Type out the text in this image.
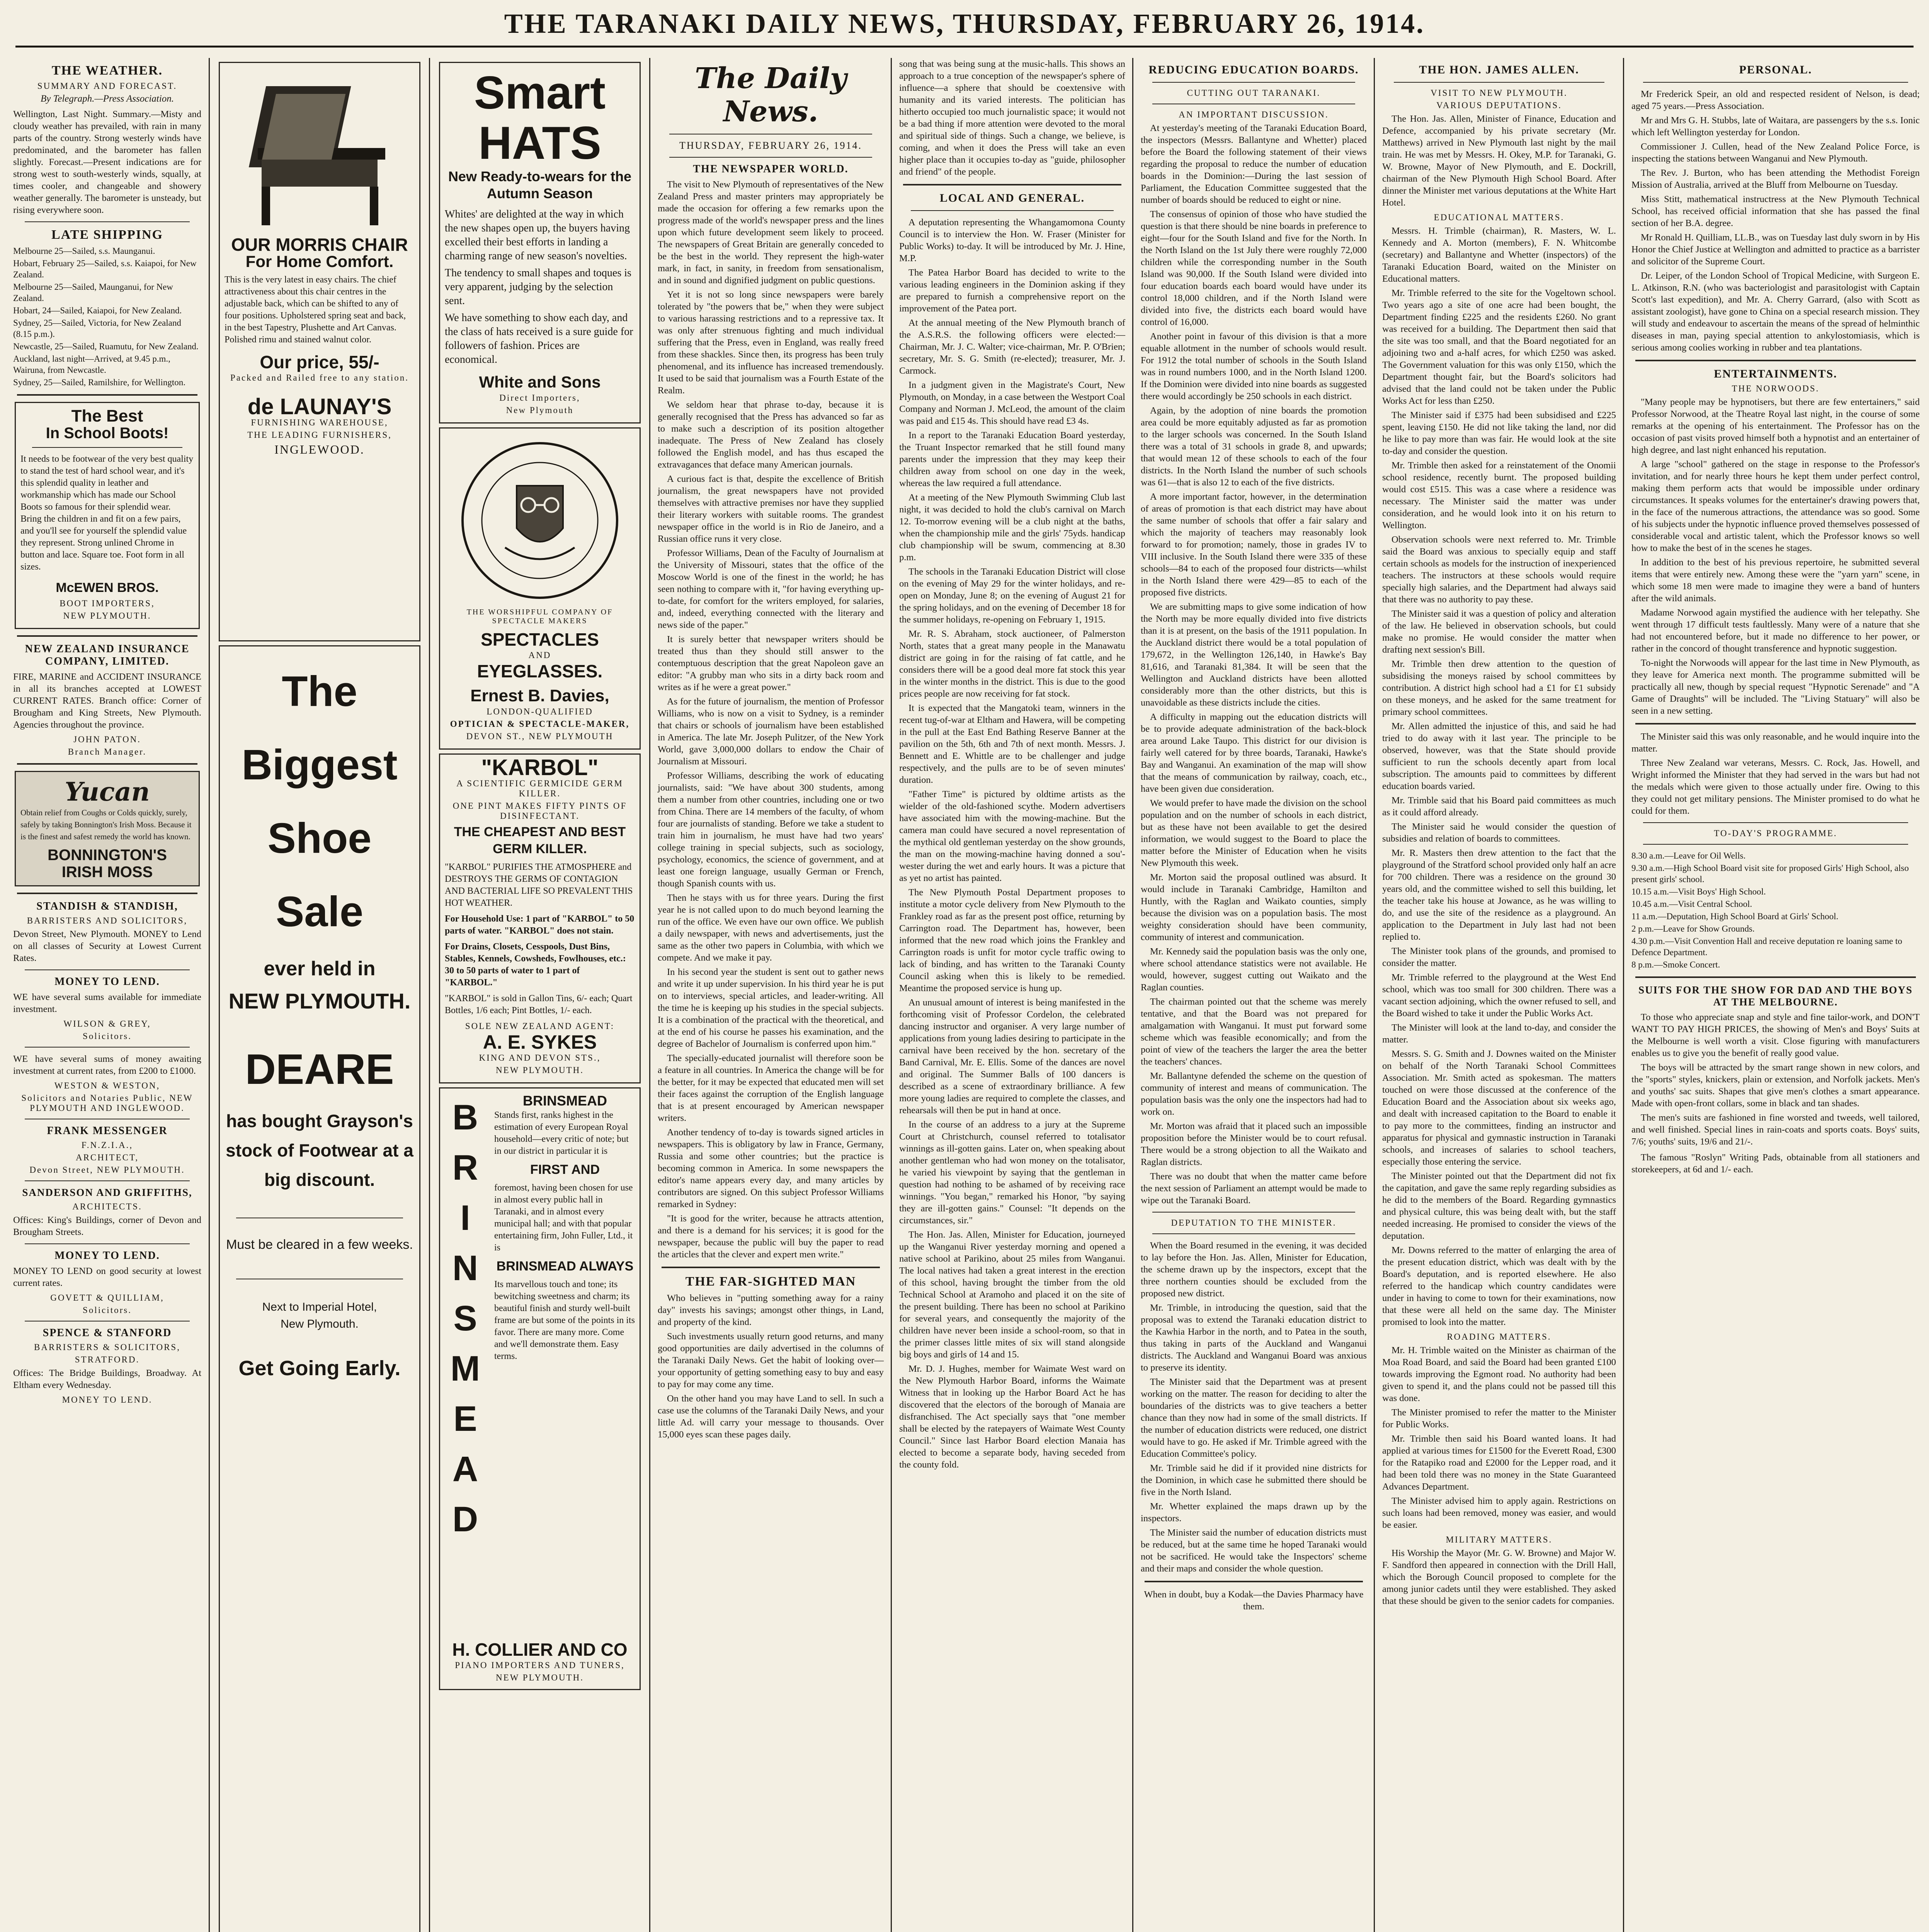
THE TARANAKI DAILY NEWS, THURSDAY, FEBRUARY 26, 1914.
THE WEATHER.
SUMMARY AND FORECAST.
By Telegraph.—Press Association.
Wellington, Last Night. Summary.—Misty and cloudy weather has prevailed, with rain in many parts of the country. Strong westerly winds have predominated, and the barometer has fallen slightly. Forecast.—Present indications are for strong west to south-westerly winds, squally, at times cooler, and changeable and showery weather generally. The barometer is unsteady, but rising everywhere soon.
LATE SHIPPING
Melbourne 25—Sailed, s.s. Maunganui.
Hobart, February 25—Sailed, s.s. Kaiapoi, for New Zealand.
Melbourne 25—Sailed, Maunganui, for New Zealand.
Hobart, 24—Sailed, Kaiapoi, for New Zealand.
Sydney, 25—Sailed, Victoria, for New Zealand (8.15 p.m.).
Newcastle, 25—Sailed, Ruamutu, for New Zealand.
Auckland, last night—Arrived, at 9.45 p.m., Wairuna, from Newcastle.
Sydney, 25—Sailed, Ramilshire, for Wellington.
The Best
In School Boots!
It needs to be footwear of the very best quality to stand the test of hard school wear, and it's this splendid quality in leather and workmanship which has made our School Boots so famous for their splendid wear. Bring the children in and fit on a few pairs, and you'll see for yourself the splendid value they represent. Strong unlined Chrome in button and lace. Square toe. Foot form in all sizes.
McEWEN BROS.
BOOT IMPORTERS,
NEW PLYMOUTH.
NEW ZEALAND INSURANCE COMPANY, LIMITED.
FIRE, MARINE and ACCIDENT INSURANCE in all its branches accepted at LOWEST CURRENT RATES. Branch office: Corner of Brougham and King Streets, New Plymouth. Agencies throughout the province.
JOHN PATON.
Branch Manager.
Yucan
Obtain relief from Coughs or Colds quickly, surely, safely by taking Bonnington's Irish Moss. Because it is the finest and safest remedy the world has known.
BONNINGTON'S
IRISH MOSS
STANDISH & STANDISH,
BARRISTERS AND SOLICITORS,
Devon Street, New Plymouth. MONEY to Lend on all classes of Security at Lowest Current Rates.
MONEY TO LEND.
WE have several sums available for immediate investment.
WILSON & GREY,
Solicitors.
WE have several sums of money awaiting investment at current rates, from £200 to £1000.
WESTON & WESTON,
Solicitors and Notaries Public, NEW PLYMOUTH AND INGLEWOOD.
FRANK MESSENGER
F.N.Z.I.A.,
ARCHITECT,
Devon Street, NEW PLYMOUTH.
SANDERSON AND GRIFFITHS,
ARCHITECTS.
Offices: King's Buildings, corner of Devon and Brougham Streets.
MONEY TO LEND.
MONEY TO LEND on good security at lowest current rates.
GOVETT & QUILLIAM,
Solicitors.
SPENCE & STANFORD
BARRISTERS & SOLICITORS,
STRATFORD.
Offices: The Bridge Buildings, Broadway. At Eltham every Wednesday.
MONEY TO LEND.
OUR MORRIS CHAIR
For Home Comfort.
This is the very latest in easy chairs. The chief attractiveness about this chair centres in the adjustable back, which can be shifted to any of four positions. Upholstered spring seat and back, in the best Tapestry, Plushette and Art Canvas. Polished rimu and stained walnut color.
Our price, 55/-
Packed and Railed free to any station.
de LAUNAY'S
FURNISHING WAREHOUSE,
THE LEADING FURNISHERS,
INGLEWOOD.
The
Biggest
Shoe
Sale
ever held in
NEW PLYMOUTH.
DEARE
has bought Grayson's stock of Footwear at a big discount.
Must be cleared in a few weeks.
Next to Imperial Hotel,
New Plymouth.
Get Going Early.
Smart
HATS
New Ready-to-wears for the Autumn Season
Whites' are delighted at the way in which the new shapes open up, the buyers having excelled their best efforts in landing a charming range of new season's novelties.
The tendency to small shapes and toques is very apparent, judging by the selection sent.
We have something to show each day, and the class of hats received is a sure guide for followers of fashion. Prices are economical.
White and Sons
Direct Importers,
New Plymouth
THE WORSHIPFUL COMPANY OF SPECTACLE MAKERS
SPECTACLES
AND
EYEGLASSES.
Ernest B. Davies,
LONDON-QUALIFIED
OPTICIAN & SPECTACLE-MAKER,
DEVON ST., NEW PLYMOUTH
"KARBOL"
A SCIENTIFIC GERMICIDE GERM KILLER.
ONE PINT MAKES FIFTY PINTS OF DISINFECTANT.
THE CHEAPEST AND BEST GERM KILLER.
"KARBOL" PURIFIES THE ATMOSPHERE and DESTROYS THE GERMS OF CONTAGION AND BACTERIAL LIFE SO PREVALENT THIS HOT WEATHER.
For Household Use: 1 part of "KARBOL" to 50 parts of water. "KARBOL" does not stain.
For Drains, Closets, Cesspools, Dust Bins, Stables, Kennels, Cowsheds, Fowlhouses, etc.: 30 to 50 parts of water to 1 part of "KARBOL."
"KARBOL" is sold in Gallon Tins, 6/- each; Quart Bottles, 1/6 each; Pint Bottles, 1/- each.
SOLE NEW ZEALAND AGENT:
A. E. SYKES
KING AND DEVON STS.,
NEW PLYMOUTH.
B
R
I
N
S
M
E
A
D
BRINSMEAD
Stands first, ranks highest in the estimation of every European Royal household—every critic of note; but in our district in particular it is
FIRST AND
foremost, having been chosen for use in almost every public hall in Taranaki, and in almost every municipal hall; and with that popular entertaining firm, John Fuller, Ltd., it is
BRINSMEAD ALWAYS
Its marvellous touch and tone; its bewitching sweetness and charm; its beautiful finish and sturdy well-built frame are but some of the points in its favor. There are many more. Come and we'll demonstrate them. Easy terms.
H. COLLIER AND CO
PIANO IMPORTERS AND TUNERS,
NEW PLYMOUTH.
The Daily News.
THURSDAY, FEBRUARY 26, 1914.
THE NEWSPAPER WORLD.

The visit to New Plymouth of representatives of the New Zealand Press and master printers may appropriately be made the occasion for offering a few remarks upon the progress made of the world's newspaper press and the lines upon which future development seem likely to proceed. The newspapers of Great Britain are generally conceded to be the best in the world. They represent the high-water mark, in fact, in sanity, in freedom from sensationalism, and in sound and dignified judgment on public questions.

Yet it is not so long since newspapers were barely tolerated by "the powers that be," when they were subject to various harassing restrictions and to a repressive tax. It was only after strenuous fighting and much individual suffering that the Press, even in England, was really freed from these shackles. Since then, its progress has been truly phenomenal, and its influence has increased tremendously. It used to be said that journalism was a Fourth Estate of the Realm.

We seldom hear that phrase to-day, because it is generally recognised that the Press has advanced so far as to make such a description of its position altogether inadequate. The Press of New Zealand has closely followed the English model, and has thus escaped the extravagances that deface many American journals.

A curious fact is that, despite the excellence of British journalism, the great newspapers have not provided themselves with attractive premises nor have they supplied their literary workers with suitable rooms. The grandest newspaper office in the world is in Rio de Janeiro, and a Russian office runs it very close.

Professor Williams, Dean of the Faculty of Journalism at the University of Missouri, states that the office of the Moscow World is one of the finest in the world; he has seen nothing to compare with it, "for having everything up-to-date, for comfort for the writers employed, for salaries, and, indeed, everything connected with the literary and news side of the paper."

It is surely better that newspaper writers should be treated thus than they should still answer to the contemptuous description that the great Napoleon gave an editor: "A grubby man who sits in a dirty back room and writes as if he were a great power."

As for the future of journalism, the mention of Professor Williams, who is now on a visit to Sydney, is a reminder that chairs or schools of journalism have been established in America. The late Mr. Joseph Pulitzer, of the New York World, gave 3,000,000 dollars to endow the Chair of Journalism at Missouri.

Professor Williams, describing the work of educating journalists, said: "We have about 300 students, among them a number from other countries, including one or two from China. There are 14 members of the faculty, of whom four are journalists of standing. Before we take a student to train him in journalism, he must have had two years' college training in special subjects, such as sociology, psychology, economics, the science of government, and at least one foreign language, usually German or French, though Spanish counts with us.

Then he stays with us for three years. During the first year he is not called upon to do much beyond learning the run of the office. We even have our own office. We publish a daily newspaper, with news and advertisements, just the same as the other two papers in Columbia, with which we compete. And we make it pay.

In his second year the student is sent out to gather news and write it up under supervision. In his third year he is put on to interviews, special articles, and leader-writing. All the time he is keeping up his studies in the special subjects. It is a combination of the practical with the theoretical, and at the end of his course he passes his examination, and the degree of Bachelor of Journalism is conferred upon him."

The specially-educated journalist will therefore soon be a feature in all countries. In America the change will be for the better, for it may be expected that educated men will set their faces against the corruption of the English language that is at present encouraged by American newspaper writers.

Another tendency of to-day is towards signed articles in newspapers. This is obligatory by law in France, Germany, Russia and some other countries; but the practice is becoming common in America. In some newspapers the editor's name appears every day, and many articles by contributors are signed. On this subject Professor Williams remarked in Sydney:

"It is good for the writer, because he attracts attention, and there is a demand for his services; it is good for the newspaper, because the public will buy the paper to read the articles that the clever and expert men write."

THE FAR-SIGHTED MAN

Who believes in "putting something away for a rainy day" invests his savings; amongst other things, in Land, and property of the kind.

Such investments usually return good returns, and many good opportunities are daily advertised in the columns of the Taranaki Daily News. Get the habit of looking over—your opportunity of getting something easy to buy and easy to pay for may come any time.

On the other hand you may have Land to sell. In such a case use the columns of the Taranaki Daily News, and your little Ad. will carry your message to thousands. Over 15,000 eyes scan these pages daily.

song that was being sung at the music-halls. This shows an approach to a true conception of the newspaper's sphere of influence—a sphere that should be coextensive with humanity and its varied interests. The politician has hitherto occupied too much journalistic space; it would not be a bad thing if more attention were devoted to the moral and spiritual side of things. Such a change, we believe, is coming, and when it does the Press will take an even higher place than it occupies to-day as "guide, philosopher and friend" of the people.

LOCAL AND GENERAL.

A deputation representing the Whangamomona County Council is to interview the Hon. W. Fraser (Minister for Public Works) to-day. It will be introduced by Mr. J. Hine, M.P.

The Patea Harbor Board has decided to write to the various leading engineers in the Dominion asking if they are prepared to furnish a comprehensive report on the improvement of the Patea port.

At the annual meeting of the New Plymouth branch of the A.S.R.S. the following officers were elected:—Chairman, Mr. J. C. Walter; vice-chairman, Mr. P. O'Brien; secretary, Mr. S. G. Smith (re-elected); treasurer, Mr. J. Carmock.

In a judgment given in the Magistrate's Court, New Plymouth, on Monday, in a case between the Westport Coal Company and Norman J. McLeod, the amount of the claim was paid and £15 4s. This should have read £3 4s.

In a report to the Taranaki Education Board yesterday, the Truant Inspector remarked that he still found many parents under the impression that they may keep their children away from school on one day in the week, whereas the law required a full attendance.

At a meeting of the New Plymouth Swimming Club last night, it was decided to hold the club's carnival on March 12. To-morrow evening will be a club night at the baths, when the championship mile and the girls' 75yds. handicap club championship will be swum, commencing at 8.30 p.m.

The schools in the Taranaki Education District will close on the evening of May 29 for the winter holidays, and re-open on Monday, June 8; on the evening of August 21 for the spring holidays, and on the evening of December 18 for the summer holidays, re-opening on February 1, 1915.

Mr. R. S. Abraham, stock auctioneer, of Palmerston North, states that a great many people in the Manawatu district are going in for the raising of fat cattle, and he considers there will be a good deal more fat stock this year in the winter months in the district. This is due to the good prices people are now receiving for fat stock.

It is expected that the Mangatoki team, winners in the recent tug-of-war at Eltham and Hawera, will be competing in the pull at the East End Bathing Reserve Banner at the pavilion on the 5th, 6th and 7th of next month. Messrs. J. Bennett and E. Whittle are to be challenger and judge respectively, and the pulls are to be of seven minutes' duration.

"Father Time" is pictured by oldtime artists as the wielder of the old-fashioned scythe. Modern advertisers have associated him with the mowing-machine. But the camera man could have secured a novel representation of the mythical old gentleman yesterday on the show grounds, the man on the mowing-machine having donned a sou'-wester during the wet and early hours. It was a picture that as yet no artist has painted.

The New Plymouth Postal Department proposes to institute a motor cycle delivery from New Plymouth to the Frankley road as far as the present post office, returning by Carrington road. The Department has, however, been informed that the new road which joins the Frankley and Carrington roads is unfit for motor cycle traffic owing to lack of binding, and has written to the Taranaki County Council asking when this is likely to be remedied. Meantime the proposed service is hung up.

An unusual amount of interest is being manifested in the forthcoming visit of Professor Cordelon, the celebrated dancing instructor and organiser. A very large number of applications from young ladies desiring to participate in the carnival have been received by the hon. secretary of the Band Carnival, Mr. E. Ellis. Some of the dances are novel and original. The Summer Balls of 100 dancers is described as a scene of extraordinary brilliance. A few more young ladies are required to complete the classes, and rehearsals will then be put in hand at once.

In the course of an address to a jury at the Supreme Court at Christchurch, counsel referred to totalisator winnings as ill-gotten gains. Later on, when speaking about another gentleman who had won money on the totalisator, he varied his viewpoint by saying that the gentleman in question had nothing to be ashamed of by receiving race winnings. "You began," remarked his Honor, "by saying they are ill-gotten gains." Counsel: "It depends on the circumstances, sir."

The Hon. Jas. Allen, Minister for Education, journeyed up the Wanganui River yesterday morning and opened a native school at Parikino, about 25 miles from Wanganui. The local natives had taken a great interest in the erection of this school, having brought the timber from the old Technical School at Aramoho and placed it on the site of the present building. There has been no school at Parikino for several years, and consequently the majority of the children have never been inside a school-room, so that in the primer classes little mites of six will stand alongside big boys and girls of 14 and 15.

Mr. D. J. Hughes, member for Waimate West ward on the New Plymouth Harbor Board, informs the Waimate Witness that in looking up the Harbor Board Act he has discovered that the electors of the borough of Manaia are disfranchised. The Act specially says that "one member shall be elected by the ratepayers of Waimate West County Council." Since last Harbor Board election Manaia has elected to become a separate body, having seceded from the county fold.

REDUCING EDUCATION BOARDS.
CUTTING OUT TARANAKI.
AN IMPORTANT DISCUSSION.

At yesterday's meeting of the Taranaki Education Board, the inspectors (Messrs. Ballantyne and Whetter) placed before the Board the following statement of their views regarding the proposal to reduce the number of education boards in the Dominion:—During the last session of Parliament, the Education Committee suggested that the number of boards should be reduced to eight or nine.

The consensus of opinion of those who have studied the question is that there should be nine boards in preference to eight—four for the South Island and five for the North. In the North Island on the 1st July there were roughly 72,000 children while the corresponding number in the South Island was 90,000. If the South Island were divided into four education boards each board would have under its control 18,000 children, and if the North Island were divided into five, the districts each board would have control of 16,000.

Another point in favour of this division is that a more equable allotment in the number of schools would result. For 1912 the total number of schools in the South Island was in round numbers 1000, and in the North Island 1200. If the Dominion were divided into nine boards as suggested there would accordingly be 250 schools in each district.

Again, by the adoption of nine boards the promotion area could be more equitably adjusted as far as promotion to the larger schools was concerned. In the South Island there was a total of 31 schools in grade 8, and upwards; that would mean 12 of these schools to each of the four districts. In the North Island the number of such schools was 61—that is also 12 to each of the five districts.

A more important factor, however, in the determination of areas of promotion is that each district may have about the same number of schools that offer a fair salary and which the majority of teachers may reasonably look forward to for promotion; namely, those in grades IV to VIII inclusive. In the South Island there were 335 of these schools—84 to each of the proposed four districts—whilst in the North Island there were 429—85 to each of the proposed five districts.

We are submitting maps to give some indication of how the North may be more equally divided into five districts than it is at present, on the basis of the 1911 population. In the Auckland district there would be a total population of 179,672, in the Wellington 126,140, in Hawke's Bay 81,616, and Taranaki 81,384. It will be seen that the Wellington and Auckland districts have been allotted considerably more than the other districts, but this is unavoidable as these districts include the cities.

A difficulty in mapping out the education districts will be to provide adequate administration of the back-block area around Lake Taupo. This district for our division is fairly well catered for by three boards, Taranaki, Hawke's Bay and Wanganui. An examination of the map will show that the means of communication by railway, coach, etc., have been given due consideration.

We would prefer to have made the division on the school population and on the number of schools in each district, but as these have not been available to get the desired information, we would suggest to the Board to place the matter before the Minister of Education when he visits New Plymouth this week.

Mr. Morton said the proposal outlined was absurd. It would include in Taranaki Cambridge, Hamilton and Huntly, with the Raglan and Waikato counties, simply because the division was on a population basis. The most weighty consideration should have been community, community of interest and communication.

Mr. Kennedy said the population basis was the only one, where school attendance statistics were not available. He would, however, suggest cutting out Waikato and the Raglan counties.

The chairman pointed out that the scheme was merely tentative, and that the Board was not prepared for amalgamation with Wanganui. It must put forward some scheme which was feasible economically; and from the point of view of the teachers the larger the area the better the teachers' chances.

Mr. Ballantyne defended the scheme on the question of community of interest and means of communication. The population basis was the only one the inspectors had had to work on.

Mr. Morton was afraid that it placed such an impossible proposition before the Minister would be to court refusal. There would be a strong objection to all the Waikato and Raglan districts.

There was no doubt that when the matter came before the next session of Parliament an attempt would be made to wipe out the Taranaki Board.

DEPUTATION TO THE MINISTER.

When the Board resumed in the evening, it was decided to lay before the Hon. Jas. Allen, Minister for Education, the scheme drawn up by the inspectors, except that the three northern counties should be excluded from the proposed new district.

Mr. Trimble, in introducing the question, said that the proposal was to extend the Taranaki education district to the Kawhia Harbor in the north, and to Patea in the south, thus taking in parts of the Auckland and Wanganui districts. The Auckland and Wanganui Board was anxious to preserve its identity.

The Minister said that the Department was at present working on the matter. The reason for deciding to alter the boundaries of the districts was to give teachers a better chance than they now had in some of the small districts. If the number of education districts were reduced, one district would have to go. He asked if Mr. Trimble agreed with the Education Committee's policy.

Mr. Trimble said he did if it provided nine districts for the Dominion, in which case he submitted there should be five in the North Island.

Mr. Whetter explained the maps drawn up by the inspectors.

The Minister said the number of education districts must be reduced, but at the same time he hoped Taranaki would not be sacrificed. He would take the Inspectors' scheme and their maps and consider the whole question.

When in doubt, buy a Kodak—the Davies Pharmacy have them.
THE HON. JAMES ALLEN.
VISIT TO NEW PLYMOUTH.
VARIOUS DEPUTATIONS.

The Hon. Jas. Allen, Minister of Finance, Education and Defence, accompanied by his private secretary (Mr. Matthews) arrived in New Plymouth last night by the mail train. He was met by Messrs. H. Okey, M.P. for Taranaki, G. W. Browne, Mayor of New Plymouth, and E. Dockrill, chairman of the New Plymouth High School Board. After dinner the Minister met various deputations at the White Hart Hotel.

EDUCATIONAL MATTERS.

Messrs. H. Trimble (chairman), R. Masters, W. L. Kennedy and A. Morton (members), F. N. Whitcombe (secretary) and Ballantyne and Whetter (inspectors) of the Taranaki Education Board, waited on the Minister on Educational matters.

Mr. Trimble referred to the site for the Vogeltown school. Two years ago a site of one acre had been bought, the Department finding £225 and the residents £260. No grant was received for a building. The Department then said that the site was too small, and that the Board negotiated for an adjoining two and a-half acres, for which £250 was asked. The Government valuation for this was only £150, which the Department thought fair, but the Board's solicitors had advised that the land could not be taken under the Public Works Act for less than £250.

The Minister said if £375 had been subsidised and £225 spent, leaving £150. He did not like taking the land, nor did he like to pay more than was fair. He would look at the site to-day and consider the question.

Mr. Trimble then asked for a reinstatement of the Onomii school residence, recently burnt. The proposed building would cost £515. This was a case where a residence was necessary. The Minister said the matter was under consideration, and he would look into it on his return to Wellington.

Observation schools were next referred to. Mr. Trimble said the Board was anxious to specially equip and staff certain schools as models for the instruction of inexperienced teachers. The instructors at these schools would require specially high salaries, and the Department had always said that there was no authority to pay these.

The Minister said it was a question of policy and alteration of the law. He believed in observation schools, but could make no promise. He would consider the matter when drafting next session's Bill.

Mr. Trimble then drew attention to the question of subsidising the moneys raised by school committees by contribution. A district high school had a £1 for £1 subsidy on these moneys, and he asked for the same treatment for primary school committees.

Mr. Allen admitted the injustice of this, and said he had tried to do away with it last year. The principle to be observed, however, was that the State should provide sufficient to run the schools decently apart from local subscription. The amounts paid to committees by different education boards varied.

Mr. Trimble said that his Board paid committees as much as it could afford already.

The Minister said he would consider the question of subsidies and relation of boards to committees.

Mr. R. Masters then drew attention to the fact that the playground of the Stratford school provided only half an acre for 700 children. There was a residence on the ground 30 years old, and the committee wished to sell this building, let the teacher take his house at Jowance, as he was willing to do, and use the site of the residence as a playground. An application to the Department in July last had not been replied to.

The Minister took plans of the grounds, and promised to consider the matter.

Mr. Trimble referred to the playground at the West End school, which was too small for 300 children. There was a vacant section adjoining, which the owner refused to sell, and the Board wished to take it under the Public Works Act.

The Minister will look at the land to-day, and consider the matter.

Messrs. S. G. Smith and J. Downes waited on the Minister on behalf of the North Taranaki School Committees Association. Mr. Smith acted as spokesman. The matters touched on were those discussed at the conference of the Education Board and the Association about six weeks ago, and dealt with increased capitation to the Board to enable it to pay more to the committees, finding an instructor and apparatus for physical and gymnastic instruction in Taranaki schools, and increases of salaries to school teachers, especially those entering the service.

The Minister pointed out that the Department did not fix the capitation, and gave the same reply regarding subsidies as he did to the members of the Board. Regarding gymnastics and physical culture, this was being dealt with, but the staff needed increasing. He promised to consider the views of the deputation.

Mr. Downs referred to the matter of enlarging the area of the present education district, which was dealt with by the Board's deputation, and is reported elsewhere. He also referred to the handicap which country candidates were under in having to come to town for their examinations, now that these were all held on the same day. The Minister promised to look into the matter.

ROADING MATTERS.

Mr. H. Trimble waited on the Minister as chairman of the Moa Road Board, and said the Board had been granted £100 towards improving the Egmont road. No authority had been given to spend it, and the plans could not be passed till this was done.

The Minister promised to refer the matter to the Minister for Public Works.

Mr. Trimble then said his Board wanted loans. It had applied at various times for £1500 for the Everett Road, £300 for the Ratapiko road and £2000 for the Lepper road, and it had been told there was no money in the State Guaranteed Advances Department.

The Minister advised him to apply again. Restrictions on such loans had been removed, money was easier, and would be easier.

MILITARY MATTERS.

His Worship the Mayor (Mr. G. W. Browne) and Major W. F. Sandford then appeared in connection with the Drill Hall, which the Borough Council proposed to complete for the among junior cadets until they were established. They asked that these should be given to the senior cadets for companies.

PERSONAL.

Mr Frederick Speir, an old and respected resident of Nelson, is dead; aged 75 years.—Press Association.

Mr and Mrs G. H. Stubbs, late of Waitara, are passengers by the s.s. Ionic which left Wellington yesterday for London.

Commissioner J. Cullen, head of the New Zealand Police Force, is inspecting the stations between Wanganui and New Plymouth.

The Rev. J. Burton, who has been attending the Methodist Foreign Mission of Australia, arrived at the Bluff from Melbourne on Tuesday.

Miss Stitt, mathematical instructress at the New Plymouth Technical School, has received official information that she has passed the final section of her B.A. degree.

Mr Ronald H. Quilliam, LL.B., was on Tuesday last duly sworn in by His Honor the Chief Justice at Wellington and admitted to practice as a barrister and solicitor of the Supreme Court.

Dr. Leiper, of the London School of Tropical Medicine, with Surgeon E. L. Atkinson, R.N. (who was bacteriologist and parasitologist with Captain Scott's last expedition), and Mr. A. Cherry Garrard, (also with Scott as assistant zoologist), have gone to China on a special research mission. They will study and endeavour to ascertain the means of the spread of helminthic diseases in man, paying special attention to ankylostomiasis, which is serious among coolies working in rubber and tea plantations.

ENTERTAINMENTS.
THE NORWOODS.

"Many people may be hypnotisers, but there are few entertainers," said Professor Norwood, at the Theatre Royal last night, in the course of some remarks at the opening of his entertainment. The Professor has on the occasion of past visits proved himself both a hypnotist and an entertainer of high degree, and last night enhanced his reputation.

A large "school" gathered on the stage in response to the Professor's invitation, and for nearly three hours he kept them under perfect control, making them perform acts that would be impossible under ordinary circumstances. It speaks volumes for the entertainer's drawing powers that, in the face of the numerous attractions, the attendance was so good. Some of his subjects under the hypnotic influence proved themselves possessed of considerable vocal and artistic talent, which the Professor knows so well how to make the best of in the scenes he stages.

In addition to the best of his previous repertoire, he submitted several items that were entirely new. Among these were the "yarn yarn" scene, in which some 18 men were made to imagine they were a band of hunters after the wild animals.

Madame Norwood again mystified the audience with her telepathy. She went through 17 difficult tests faultlessly. Many were of a nature that she had not encountered before, but it made no difference to her power, or rather in the concord of thought transference and hypnotic suggestion.

To-night the Norwoods will appear for the last time in New Plymouth, as they leave for America next month. The programme submitted will be practically all new, though by special request "Hypnotic Serenade" and "A Game of Draughts" will be included. The "Living Statuary" will also be seen in a new setting.

The Minister said this was only reasonable, and he would inquire into the matter.

Three New Zealand war veterans, Messrs. C. Rock, Jas. Howell, and Wright informed the Minister that they had served in the wars but had not the medals which were given to those actually under fire. Owing to this they could not get military pensions. The Minister promised to do what he could for them.

TO-DAY'S PROGRAMME.
8.30 a.m.—Leave for Oil Wells.
9.30 a.m.—High School Board visit site for proposed Girls' High School, also present girls' school.
10.15 a.m.—Visit Boys' High School.
10.45 a.m.—Visit Central School.
11 a.m.—Deputation, High School Board at Girls' School.
2 p.m.—Leave for Show Grounds.
4.30 p.m.—Visit Convention Hall and receive deputation re loaning same to Defence Department.
8 p.m.—Smoke Concert.
SUITS FOR THE SHOW FOR DAD AND THE BOYS AT THE MELBOURNE.

To those who appreciate snap and style and fine tailor-work, and DON'T WANT TO PAY HIGH PRICES, the showing of Men's and Boys' Suits at the Melbourne is well worth a visit. Close figuring with manufacturers enables us to give you the benefit of really good value.

The boys will be attracted by the smart range shown in new colors, and the "sports" styles, knickers, plain or extension, and Norfolk jackets. Men's and youths' sac suits. Shapes that give men's clothes a smart appearance. Made with open-front collars, some in black and tan shades.

The men's suits are fashioned in fine worsted and tweeds, well tailored, and well finished. Special lines in rain-coats and sports coats. Boys' suits, 7/6; youths' suits, 19/6 and 21/-.

The famous "Roslyn" Writing Pads, obtainable from all stationers and storekeepers, at 6d and 1/- each.
